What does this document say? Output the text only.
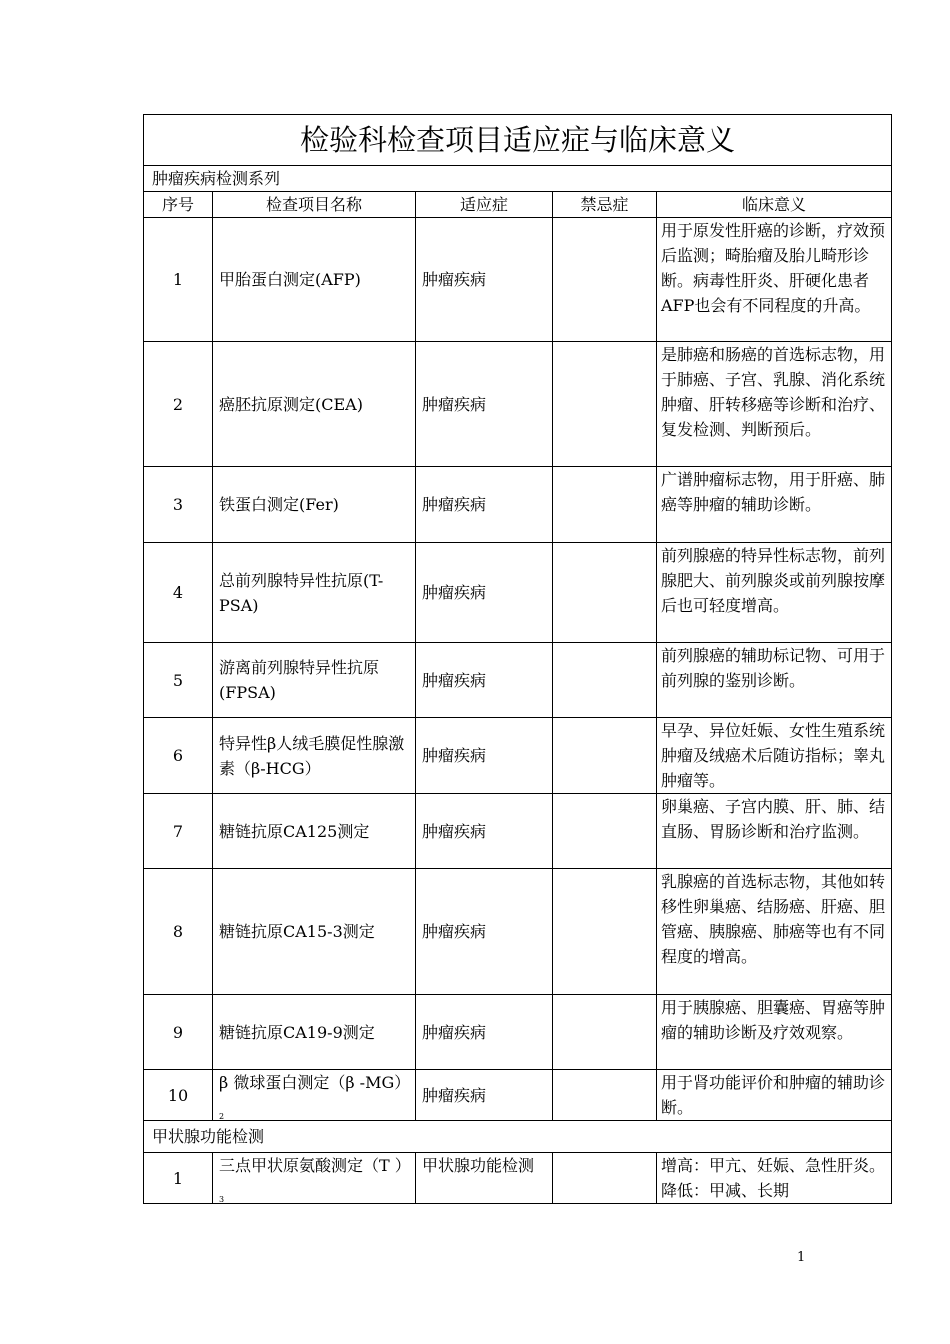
检验科检查项目适应症与临床意义				
肿瘤疾病检测系列				
序号	检查项目名称	适应症	禁忌症	临床意义
1	甲胎蛋白测定(AFP)	肿瘤疾病		用于原发性肝癌的诊断，疗效预后监测；畸胎瘤及胎儿畸形诊断。病毒性肝炎、肝硬化患者AFP也会有不同程度的升高。
2	癌胚抗原测定(CEA)	肿瘤疾病		是肺癌和肠癌的首选标志物，用于肺癌、子宫、乳腺、消化系统肿瘤、肝转移癌等诊断和治疗、复发检测、判断预后。
3	铁蛋白测定(Fer)	肿瘤疾病		广谱肿瘤标志物，用于肝癌、肺癌等肿瘤的辅助诊断。
4	总前列腺特异性抗原(T-PSA)	肿瘤疾病		前列腺癌的特异性标志物，前列腺肥大、前列腺炎或前列腺按摩后也可轻度增高。
5	游离前列腺特异性抗原(FPSA)	肿瘤疾病		前列腺癌的辅助标记物、可用于前列腺的鉴别诊断。
6	特异性β人绒毛膜促性腺激素（β-HCG）	肿瘤疾病		早孕、异位妊娠、女性生殖系统肿瘤及绒癌术后随访指标；睾丸肿瘤等。
7	糖链抗原CA125测定	肿瘤疾病		卵巢癌、子宫内膜、肝、肺、结直肠、胃肠诊断和治疗监测。
8	糖链抗原CA15-3测定	肿瘤疾病		乳腺癌的首选标志物，其他如转移性卵巢癌、结肠癌、肝癌、胆管癌、胰腺癌、肺癌等也有不同程度的增高。
9	糖链抗原CA19-9测定	肿瘤疾病		用于胰腺癌、胆囊癌、胃癌等肿瘤的辅助诊断及疗效观察。
10	β 微球蛋白测定（β $-MG)_2$	肿瘤疾病		用于肾功能评价和肿瘤的辅助诊断。
甲状腺功能检测				
1	三点甲状原氨酸测定（T ）$_3$	甲状腺功能检测		增高：甲亢、妊娠、急性肝炎。降低：甲减、长期
1
